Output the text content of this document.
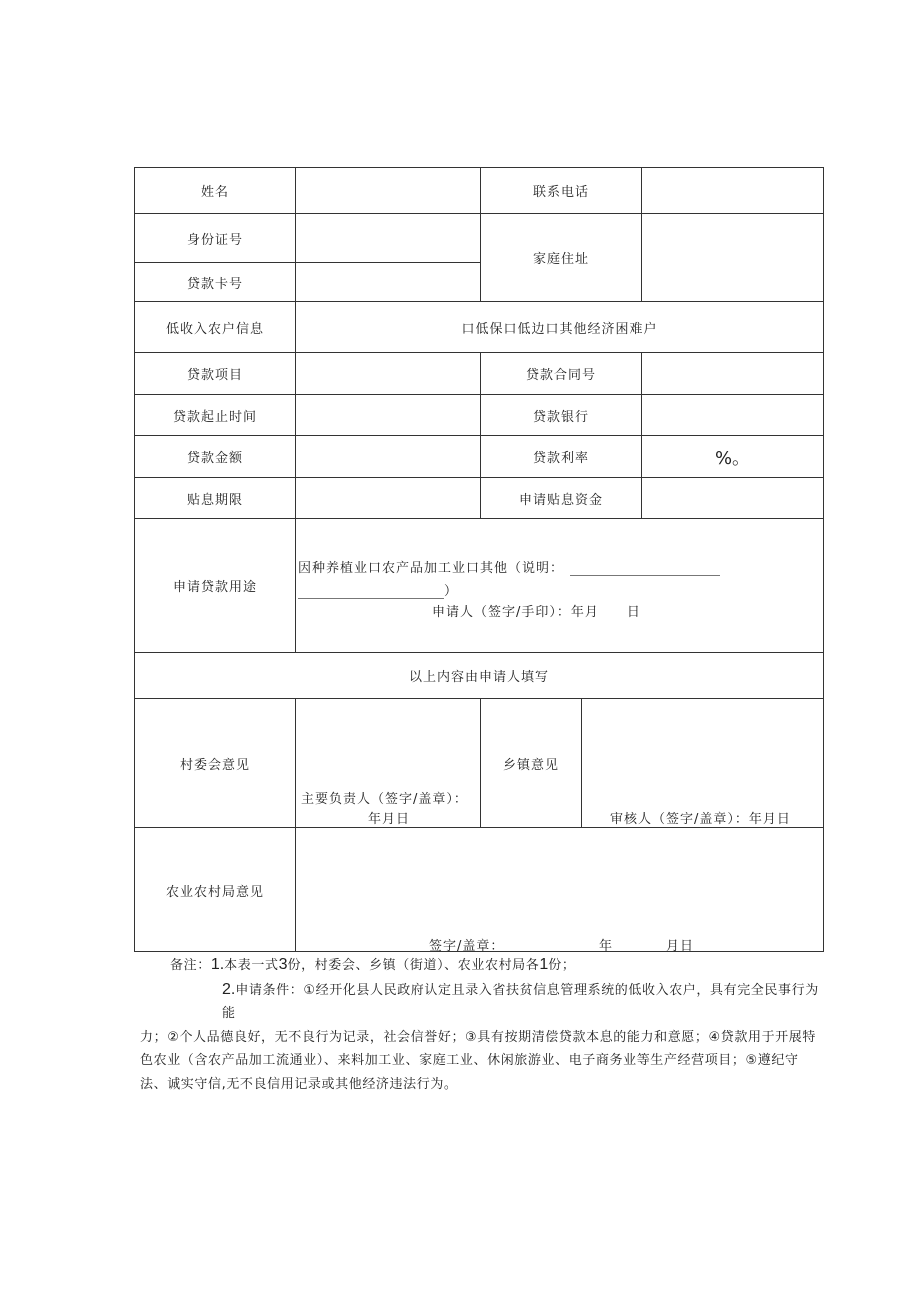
姓名	联系电话
身份证号
家庭住址
贷款卡号
低收入农户信息	口低保口低边口其他经济困难户
贷款项目	贷款合同号
贷款起止时间	贷款银行
贷款金额	贷款利率	%。
贴息期限	申请贴息资金
申请贷款用途
因种养植业口农产品加工业口其他（说明：
）
申请人（签字/手印）：年月　　日
以上内容由申请人填写
村委会意见
主要负责人（签字/盖章）：
年月日
乡镇意见
审核人（签字/盖章）：年月日
农业农村局意见
签字/盖章：	年	月日
备注：1.本表一式3份，村委会、乡镇（街道）、农业农村局各1份；
2.申请条件：①经开化县人民政府认定且录入省扶贫信息管理系统的低收入农户，具有完全民事行为能
力；②个人品德良好，无不良行为记录，社会信誉好；③具有按期清偿贷款本息的能力和意愿；④贷款用于开展特
色农业（含农产品加工流通业）、来料加工业、家庭工业、休闲旅游业、电子商务业等生产经营项目；⑤遵纪守
法、诚实守信,无不良信用记录或其他经济违法行为。
